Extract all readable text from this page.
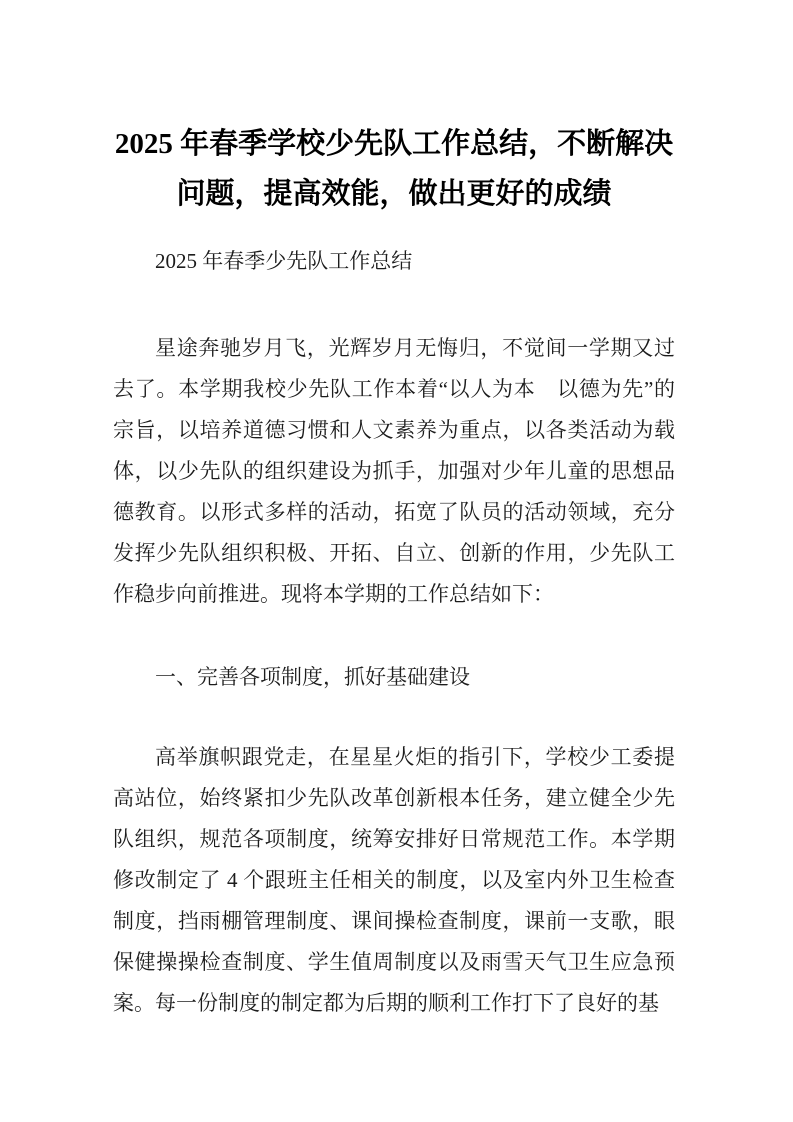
2025 年春季学校少先队工作总结，不断解决
问题，提高效能，做出更好的成绩

2025 年春季少先队工作总结

星途奔驰岁月飞，光辉岁月无悔归，不觉间一学期又过去了。本学期我校少先队工作本着“以人为本　以德为先”的宗旨，以培养道德习惯和人文素养为重点，以各类活动为载体，以少先队的组织建设为抓手，加强对少年儿童的思想品德教育。以形式多样的活动，拓宽了队员的活动领域，充分发挥少先队组织积极、开拓、自立、创新的作用，少先队工作稳步向前推进。现将本学期的工作总结如下：

一、完善各项制度，抓好基础建设

高举旗帜跟党走，在星星火炬的指引下，学校少工委提高站位，始终紧扣少先队改革创新根本任务，建立健全少先队组织，规范各项制度，统筹安排好日常规范工作。本学期修改制定了 4 个跟班主任相关的制度，以及室内外卫生检查制度，挡雨棚管理制度、课间操检查制度，课前一支歌，眼保健操操检查制度、学生值周制度以及雨雪天气卫生应急预案。每一份制度的制定都为后期的顺利工作打下了良好的基
